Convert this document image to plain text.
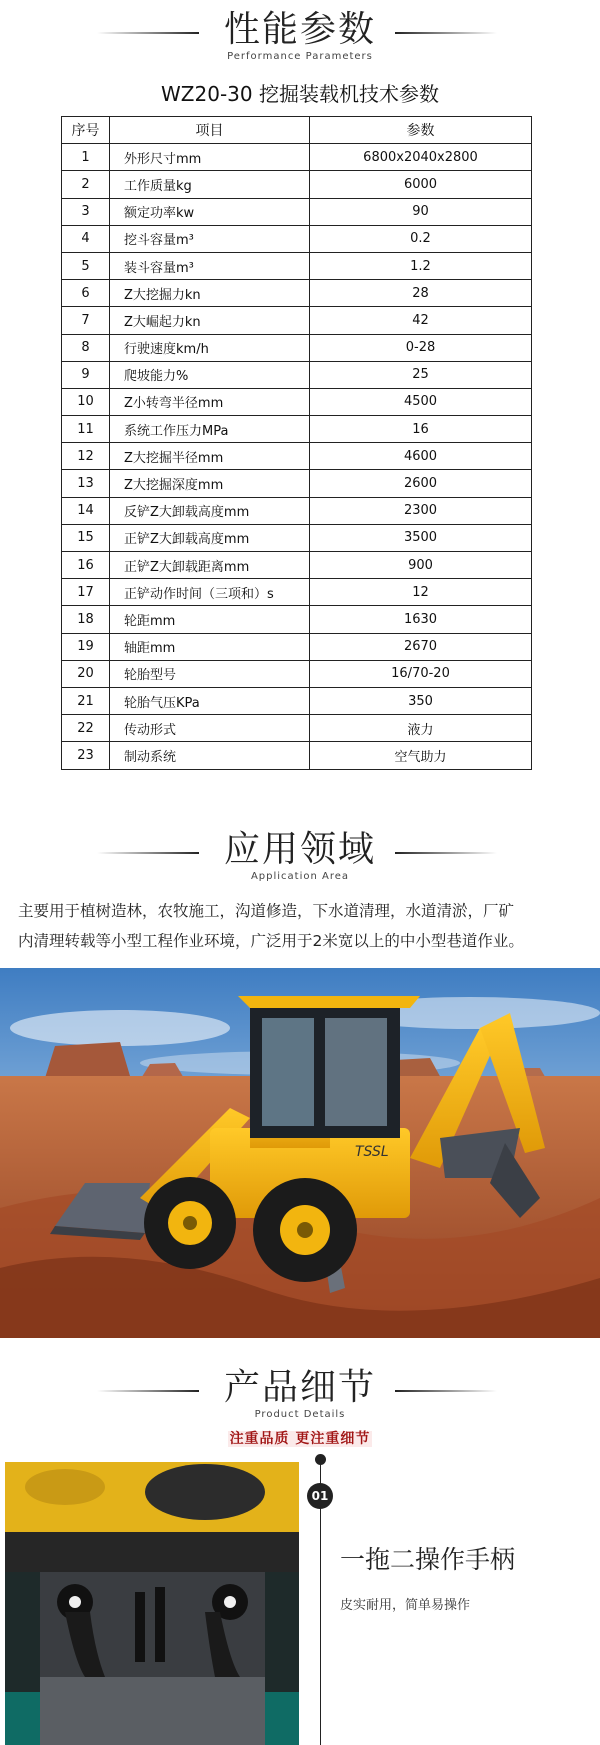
性能参数
Performance Parameters
WZ20-30 挖掘装载机技术参数
序号	项目	参数
1	外形尺寸mm	6800x2040x2800
2	工作质量kg	6000
3	额定功率kw	90
4	挖斗容量m³	0.2
5	装斗容量m³	1.2
6	Z大挖掘力kn	28
7	Z大崛起力kn	42
8	行驶速度km/h	0-28
9	爬坡能力%	25
10	Z小转弯半径mm	4500
11	系统工作压力MPa	16
12	Z大挖掘半径mm	4600
13	Z大挖掘深度mm	2600
14	反铲Z大卸载高度mm	2300
15	正铲Z大卸载高度mm	3500
16	正铲Z大卸载距离mm	900
17	正铲动作时间（三项和）s	12
18	轮距mm	1630
19	轴距mm	2670
20	轮胎型号	16/70-20
21	轮胎气压KPa	350
22	传动形式	液力
23	制动系统	空气助力
应用领域
Application Area

主要用于植树造林，农牧施工，沟道修造，下水道清理，水道清淤，厂矿

内清理转载等小型工程作业环境，广泛用于2米宽以上的中小型巷道作业。

TSSL
产品细节
Product Details
注重品质 更注重细节
01
一拖二操作手柄
皮实耐用，简单易操作
